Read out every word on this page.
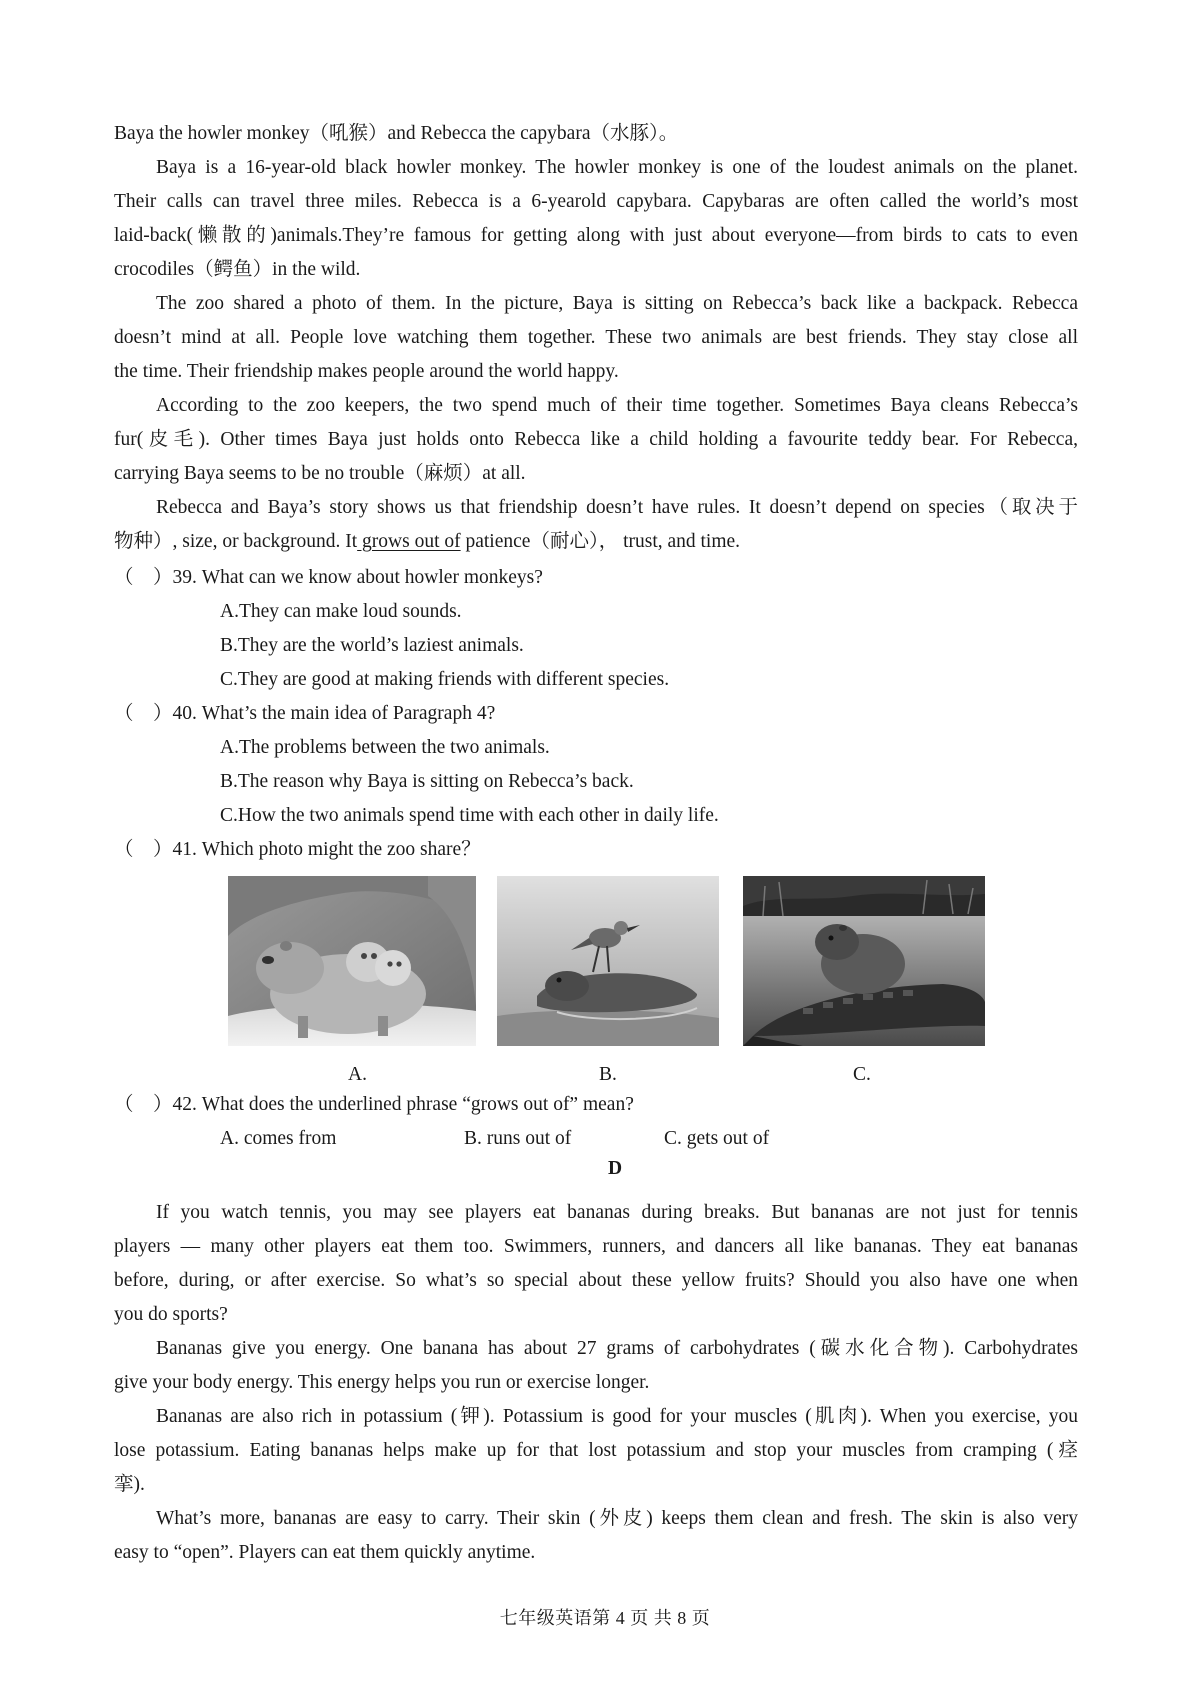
Baya the howler monkey（吼猴）and Rebecca the capybara（水豚）。
Baya is a 16-year-old black howler monkey. The howler monkey is one of the loudest animals on the planet.
Their calls can travel three miles. Rebecca is a 6-yearold capybara. Capybaras are often called the world’s most
laid-back(懒散的)animals.They’re famous for getting along with just about everyone—from birds to cats to even
crocodiles（鳄鱼）in the wild.
The zoo shared a photo of them. In the picture, Baya is sitting on Rebecca’s back like a backpack. Rebecca
doesn’t mind at all. People love watching them together. These two animals are best friends. They stay close all
the time. Their friendship makes people around the world happy.
According to the zoo keepers, the two spend much of their time together. Sometimes Baya cleans Rebecca’s
fur(皮毛). Other times Baya just holds onto Rebecca like a child holding a favourite teddy bear. For Rebecca,
carrying Baya seems to be no trouble（麻烦）at all.
Rebecca and Baya’s story shows us that friendship doesn’t have rules. It doesn’t depend on species（取决于
物种）, size, or background. It grows out of patience（耐心）， trust, and time.
（　）39. What can we know about howler monkeys?
A.They can make loud sounds.
B.They are the world’s laziest animals.
C.They are good at making friends with different species.
（　）40. What’s the main idea of Paragraph 4?
A.The problems between the two animals.
B.The reason why Baya is sitting on Rebecca’s back.
C.How the two animals spend time with each other in daily life.
（　）41. Which photo might the zoo share？
A.	B.	C.
（　）42. What does the underlined phrase “grows out of” mean?
A. comes from	B. runs out of	C. gets out of
D
If you watch tennis, you may see players eat bananas during breaks. But bananas are not just for tennis
players — many other players eat them too. Swimmers, runners, and dancers all like bananas. They eat bananas
before, during, or after exercise. So what’s so special about these yellow fruits? Should you also have one when
you do sports?
Bananas give you energy. One banana has about 27 grams of carbohydrates (碳水化合物). Carbohydrates
give your body energy. This energy helps you run or exercise longer.
Bananas are also rich in potassium (钾). Potassium is good for your muscles (肌肉). When you exercise, you
lose potassium. Eating bananas helps make up for that lost potassium and stop your muscles from cramping (痉
挛).
What’s more, bananas are easy to carry. Their skin (外皮) keeps them clean and fresh. The skin is also very
easy to “open”. Players can eat them quickly anytime.
七年级英语第 4 页 共 8 页
